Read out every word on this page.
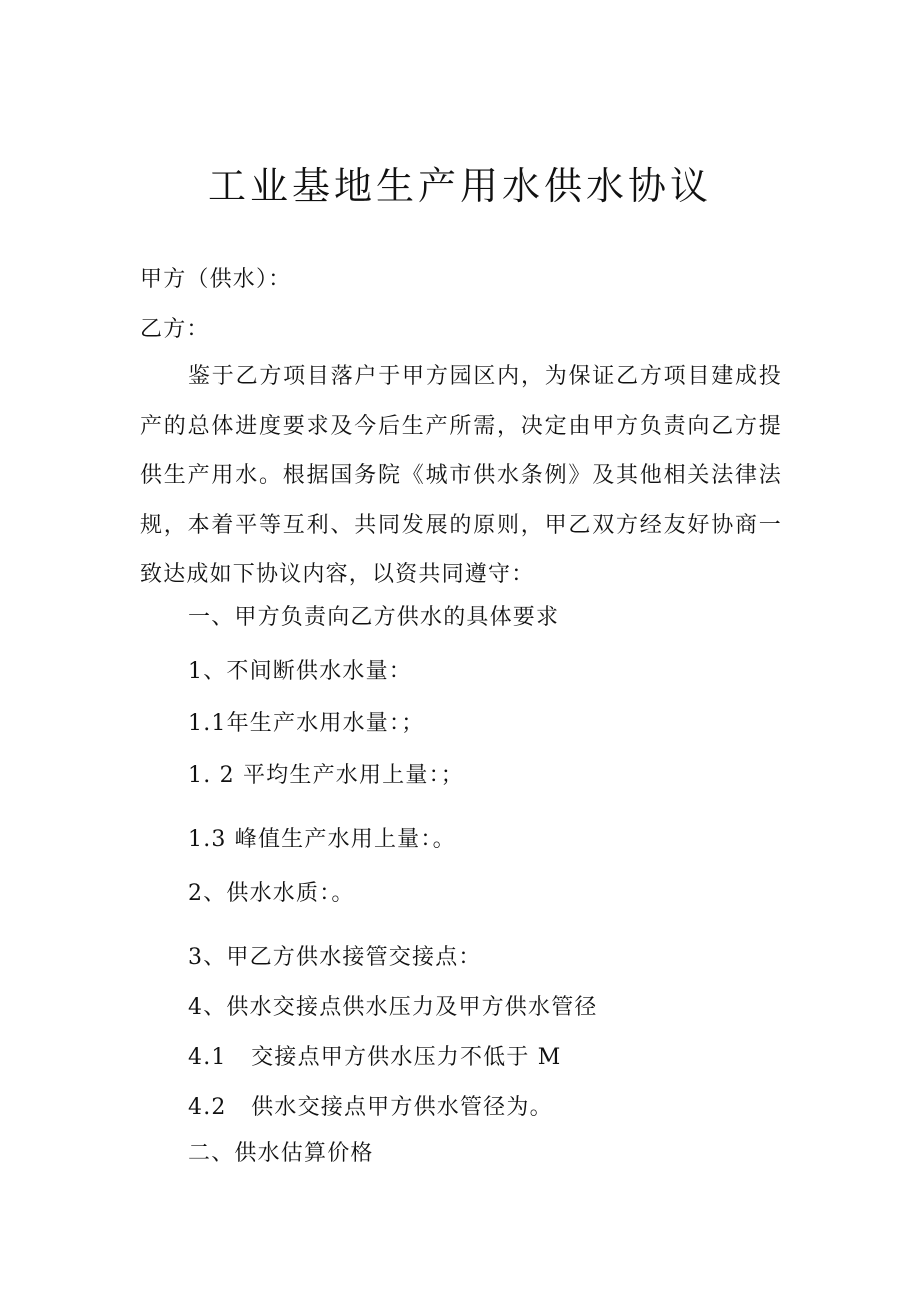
工业基地生产用水供水协议
甲方（供水）：
乙方：

鉴于乙方项目落户于甲方园区内，为保证乙方项目建成投产的总体进度要求及今后生产所需，决定由甲方负责向乙方提供生产用水。根据国务院《城市供水条例》及其他相关法律法规，本着平等互利、共同发展的原则，甲乙双方经友好协商一致达成如下协议内容，以资共同遵守：

一、甲方负责向乙方供水的具体要求
1、不间断供水水量：
1.1年生产水用水量：；
1. 2 平均生产水用上量：；
1.3 峰值生产水用上量：。
2、供水水质：。
3、甲乙方供水接管交接点：
4、供水交接点供水压力及甲方供水管径
4.1   交接点甲方供水压力不低于 M
4.2   供水交接点甲方供水管径为。
二、供水估算价格
